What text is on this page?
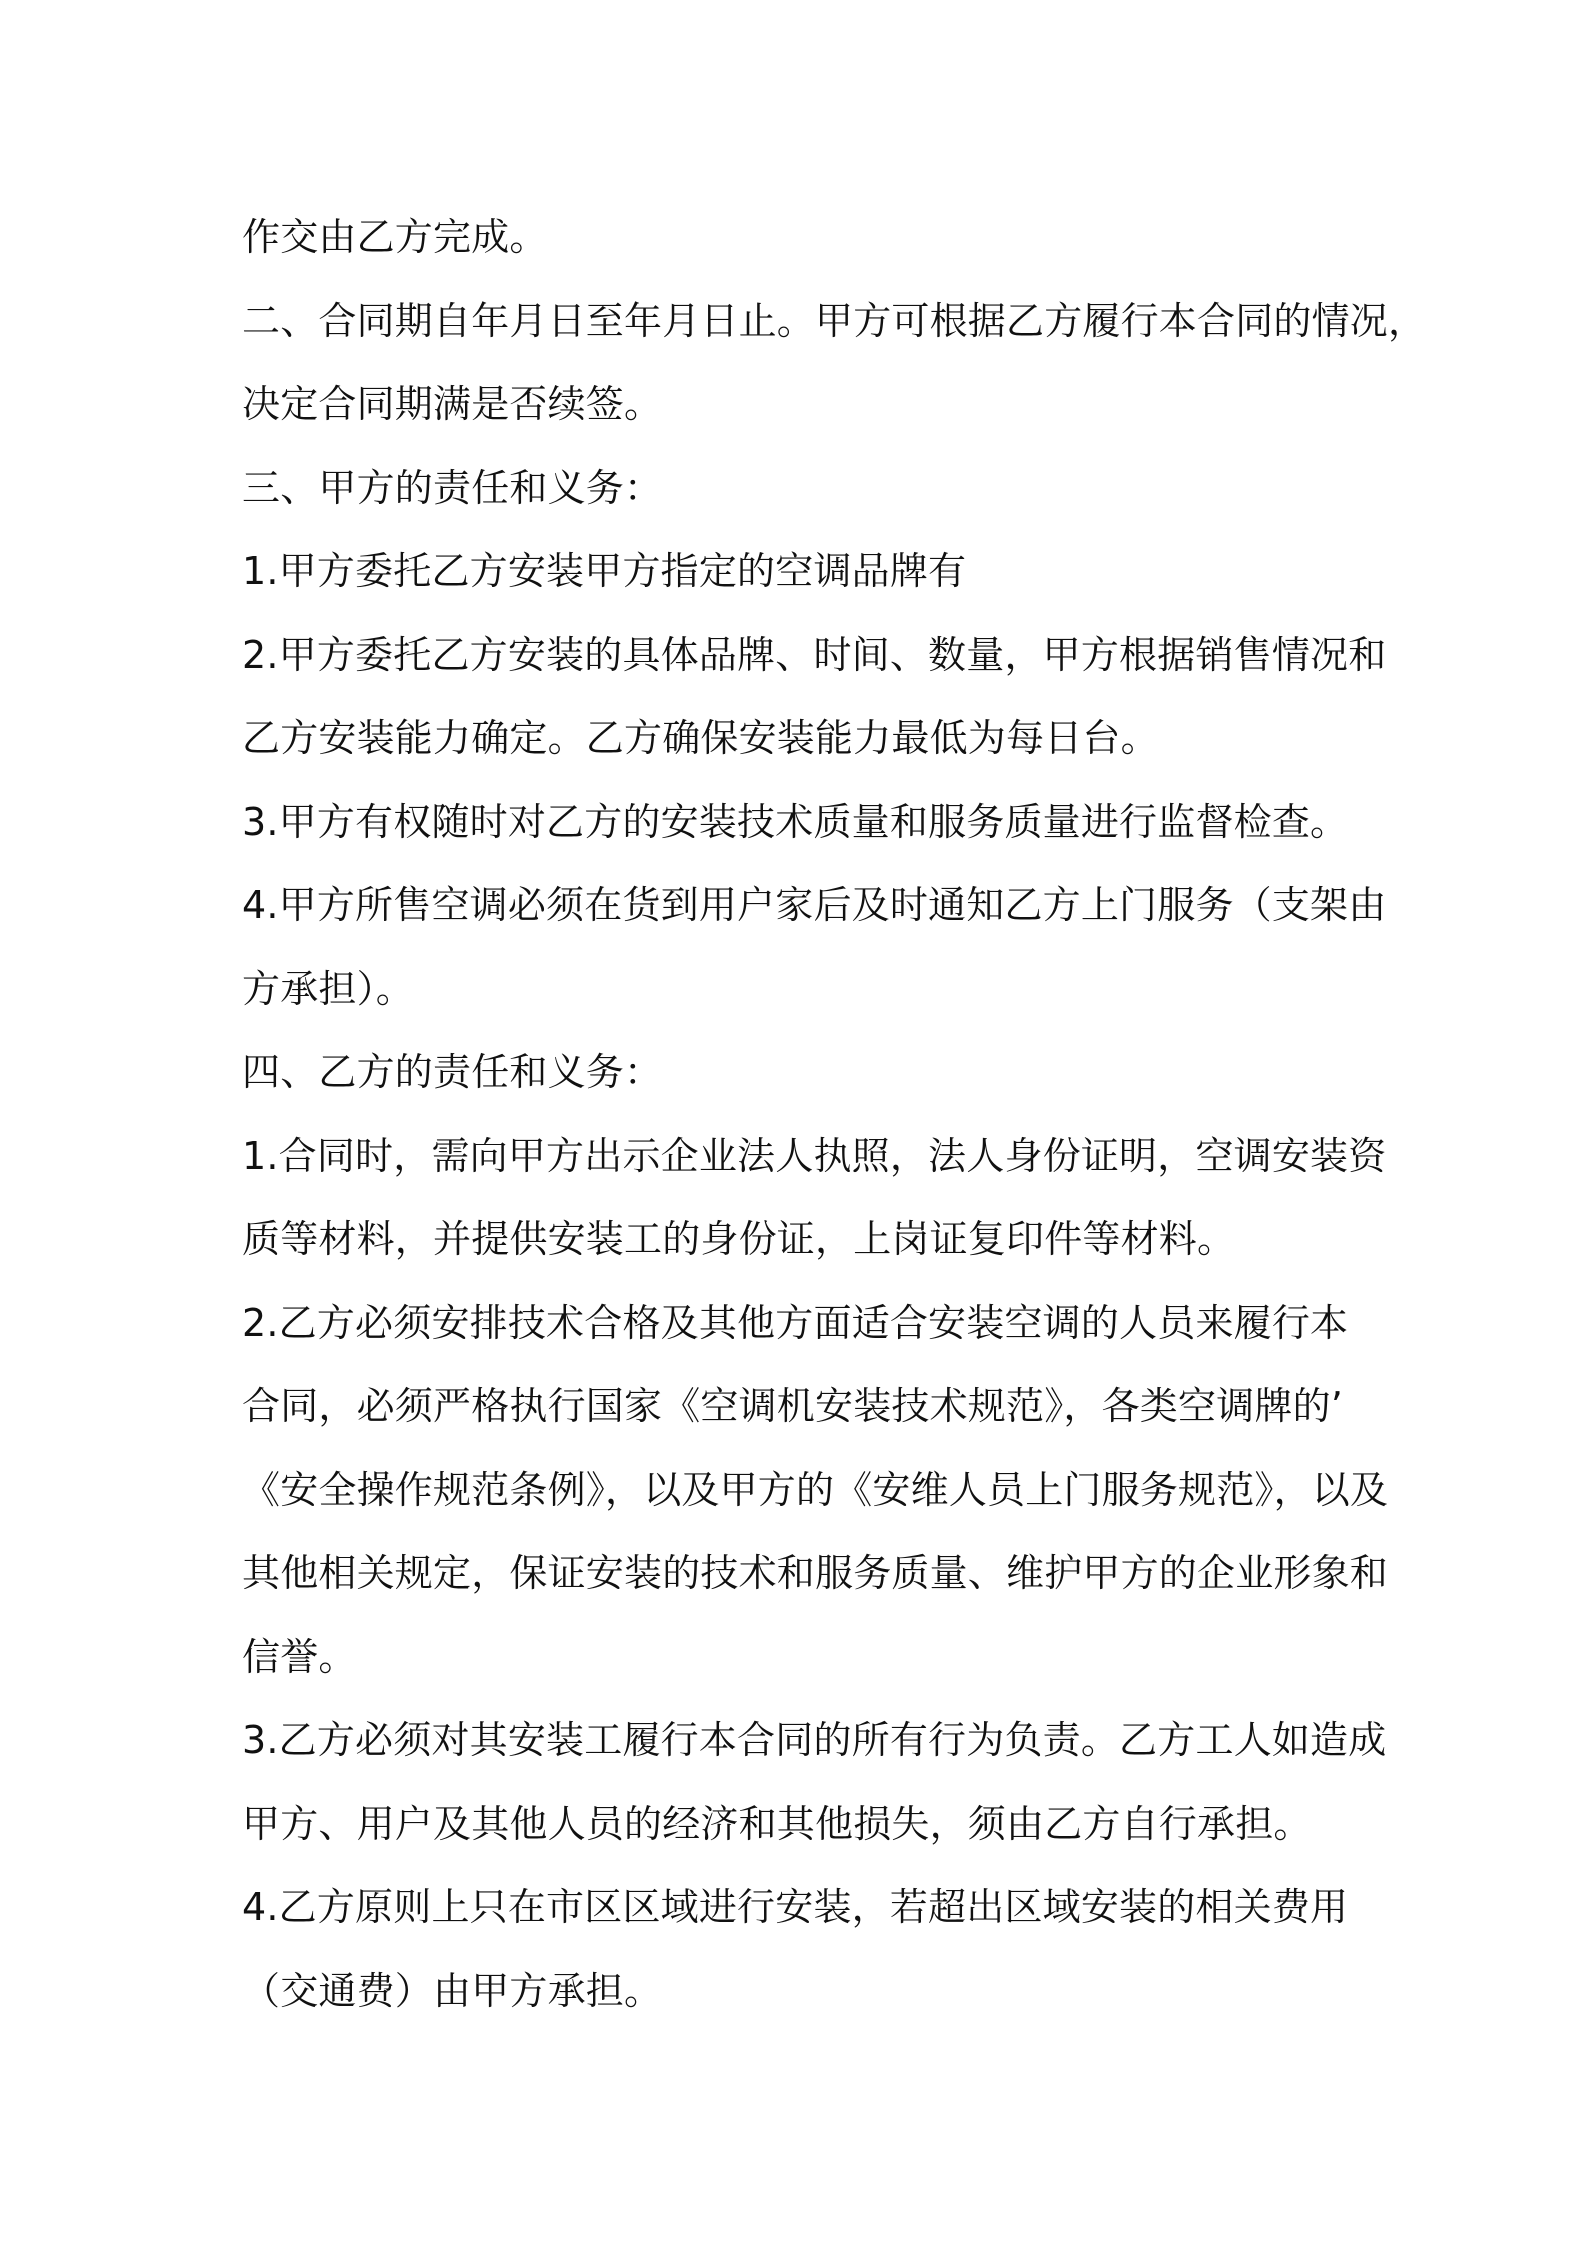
作交由乙方完成。
二、合同期自年月日至年月日止。甲方可根据乙方履行本合同的情况，
决定合同期满是否续签。
三、甲方的责任和义务：
1.甲方委托乙方安装甲方指定的空调品牌有
2.甲方委托乙方安装的具体品牌、时间、数量，甲方根据销售情况和
乙方安装能力确定。乙方确保安装能力最低为每日台。
3.甲方有权随时对乙方的安装技术质量和服务质量进行监督检查。
4.甲方所售空调必须在货到用户家后及时通知乙方上门服务（支架由
方承担）。
四、乙方的责任和义务：
1.合同时，需向甲方出示企业法人执照，法人身份证明，空调安装资
质等材料，并提供安装工的身份证，上岗证复印件等材料。
2.乙方必须安排技术合格及其他方面适合安装空调的人员来履行本
合同，必须严格执行国家《空调机安装技术规范》，各类空调牌的’
《安全操作规范条例》，以及甲方的《安维人员上门服务规范》，以及
其他相关规定，保证安装的技术和服务质量、维护甲方的企业形象和
信誉。
3.乙方必须对其安装工履行本合同的所有行为负责。乙方工人如造成
甲方、用户及其他人员的经济和其他损失，须由乙方自行承担。
4.乙方原则上只在市区区域进行安装，若超出区域安装的相关费用
（交通费）由甲方承担。
